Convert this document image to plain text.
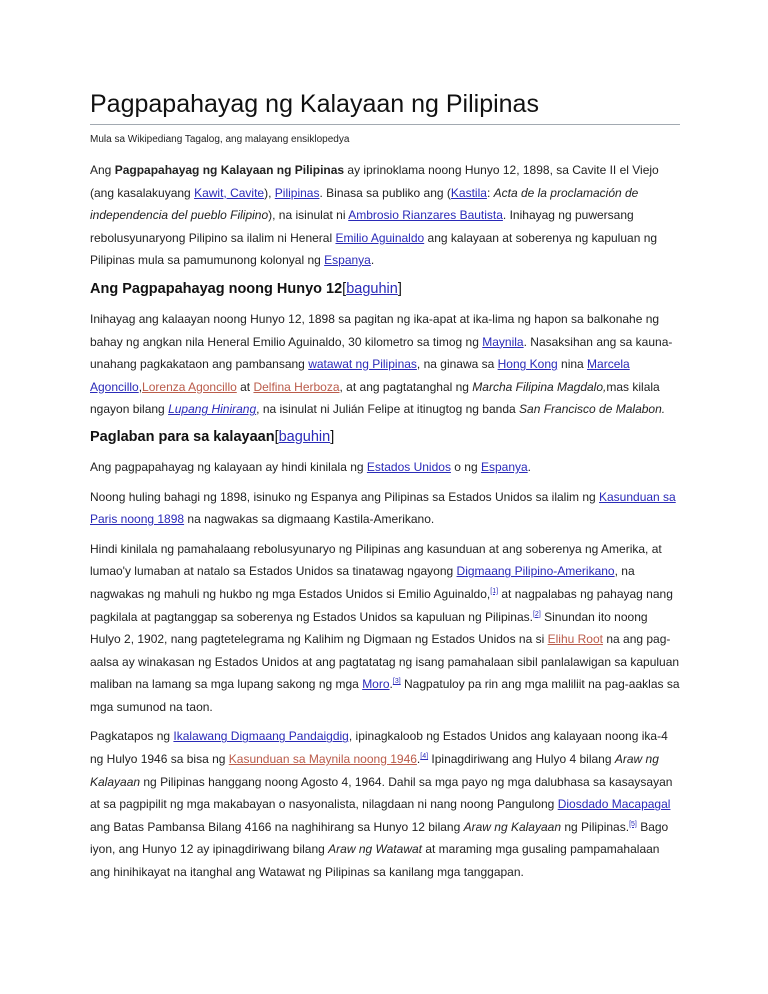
Pagpapahayag ng Kalayaan ng Pilipinas
Mula sa Wikipediang Tagalog, ang malayang ensiklopedya

Ang Pagpapahayag ng Kalayaan ng Pilipinas ay iprinoklama noong Hunyo 12, 1898, sa Cavite II el Viejo (ang kasalakuyang Kawit, Cavite), Pilipinas. Binasa sa publiko ang (Kastila: Acta de la proclamación de independencia del pueblo Filipino), na isinulat ni Ambrosio Rianzares Bautista. Inihayag ng puwersang rebolusyunaryong Pilipino sa ilalim ni Heneral Emilio Aguinaldo ang kalayaan at soberenya ng kapuluan ng Pilipinas mula sa pamumunong kolonyal ng Espanya.

Ang Pagpapahayag noong Hunyo 12[baguhin]

Inihayag ang kalaayan noong Hunyo 12, 1898 sa pagitan ng ika-apat at ika-lima ng hapon sa balkonahe ng bahay ng angkan nila Heneral Emilio Aguinaldo, 30 kilometro sa timog ng Maynila. Nasaksihan ang sa kauna-unahang pagkakataon ang pambansang watawat ng Pilipinas, na ginawa sa Hong Kong nina Marcela Agoncillo,Lorenza Agoncillo at Delfina Herboza, at ang pagtatanghal ng Marcha Filipina Magdalo,mas kilala ngayon bilang Lupang Hinirang, na isinulat ni Julián Felipe at itinugtog ng banda San Francisco de Malabon.

Paglaban para sa kalayaan[baguhin]

Ang pagpapahayag ng kalayaan ay hindi kinilala ng Estados Unidos o ng Espanya.

Noong huling bahagi ng 1898, isinuko ng Espanya ang Pilipinas sa Estados Unidos sa ilalim ng Kasunduan sa Paris noong 1898 na nagwakas sa digmaang Kastila-Amerikano.

Hindi kinilala ng pamahalaang rebolusyunaryo ng Pilipinas ang kasunduan at ang soberenya ng Amerika, at lumao'y lumaban at natalo sa Estados Unidos sa tinatawag ngayong Digmaang Pilipino-Amerikano, na nagwakas ng mahuli ng hukbo ng mga Estados Unidos si Emilio Aguinaldo,[1] at nagpalabas ng pahayag nang pagkilala at pagtanggap sa soberenya ng Estados Unidos sa kapuluan ng Pilipinas.[2] Sinundan ito noong Hulyo 2, 1902, nang pagtetelegrama ng Kalihim ng Digmaan ng Estados Unidos na si Elihu Root na ang pag-aalsa ay winakasan ng Estados Unidos at ang pagtatatag ng isang pamahalaan sibil panlalawigan sa kapuluan maliban na lamang sa mga lupang sakong ng mga Moro.[3] Nagpatuloy pa rin ang mga maliliit na pag-aaklas sa mga sumunod na taon.

Pagkatapos ng Ikalawang Digmaang Pandaigdig, ipinagkaloob ng Estados Unidos ang kalayaan noong ika-4 ng Hulyo 1946 sa bisa ng Kasunduan sa Maynila noong 1946.[4] Ipinagdiriwang ang Hulyo 4 bilang Araw ng Kalayaan ng Pilipinas hanggang noong Agosto 4, 1964. Dahil sa mga payo ng mga dalubhasa sa kasaysayan at sa pagpipilit ng mga makabayan o nasyonalista, nilagdaan ni nang noong Pangulong Diosdado Macapagal ang Batas Pambansa Bilang 4166 na naghihirang sa Hunyo 12 bilang Araw ng Kalayaan ng Pilipinas.[5] Bago iyon, ang Hunyo 12 ay ipinagdiriwang bilang Araw ng Watawat at maraming mga gusaling pampamahalaan ang hinihikayat na itanghal ang Watawat ng Pilipinas sa kanilang mga tanggapan.
